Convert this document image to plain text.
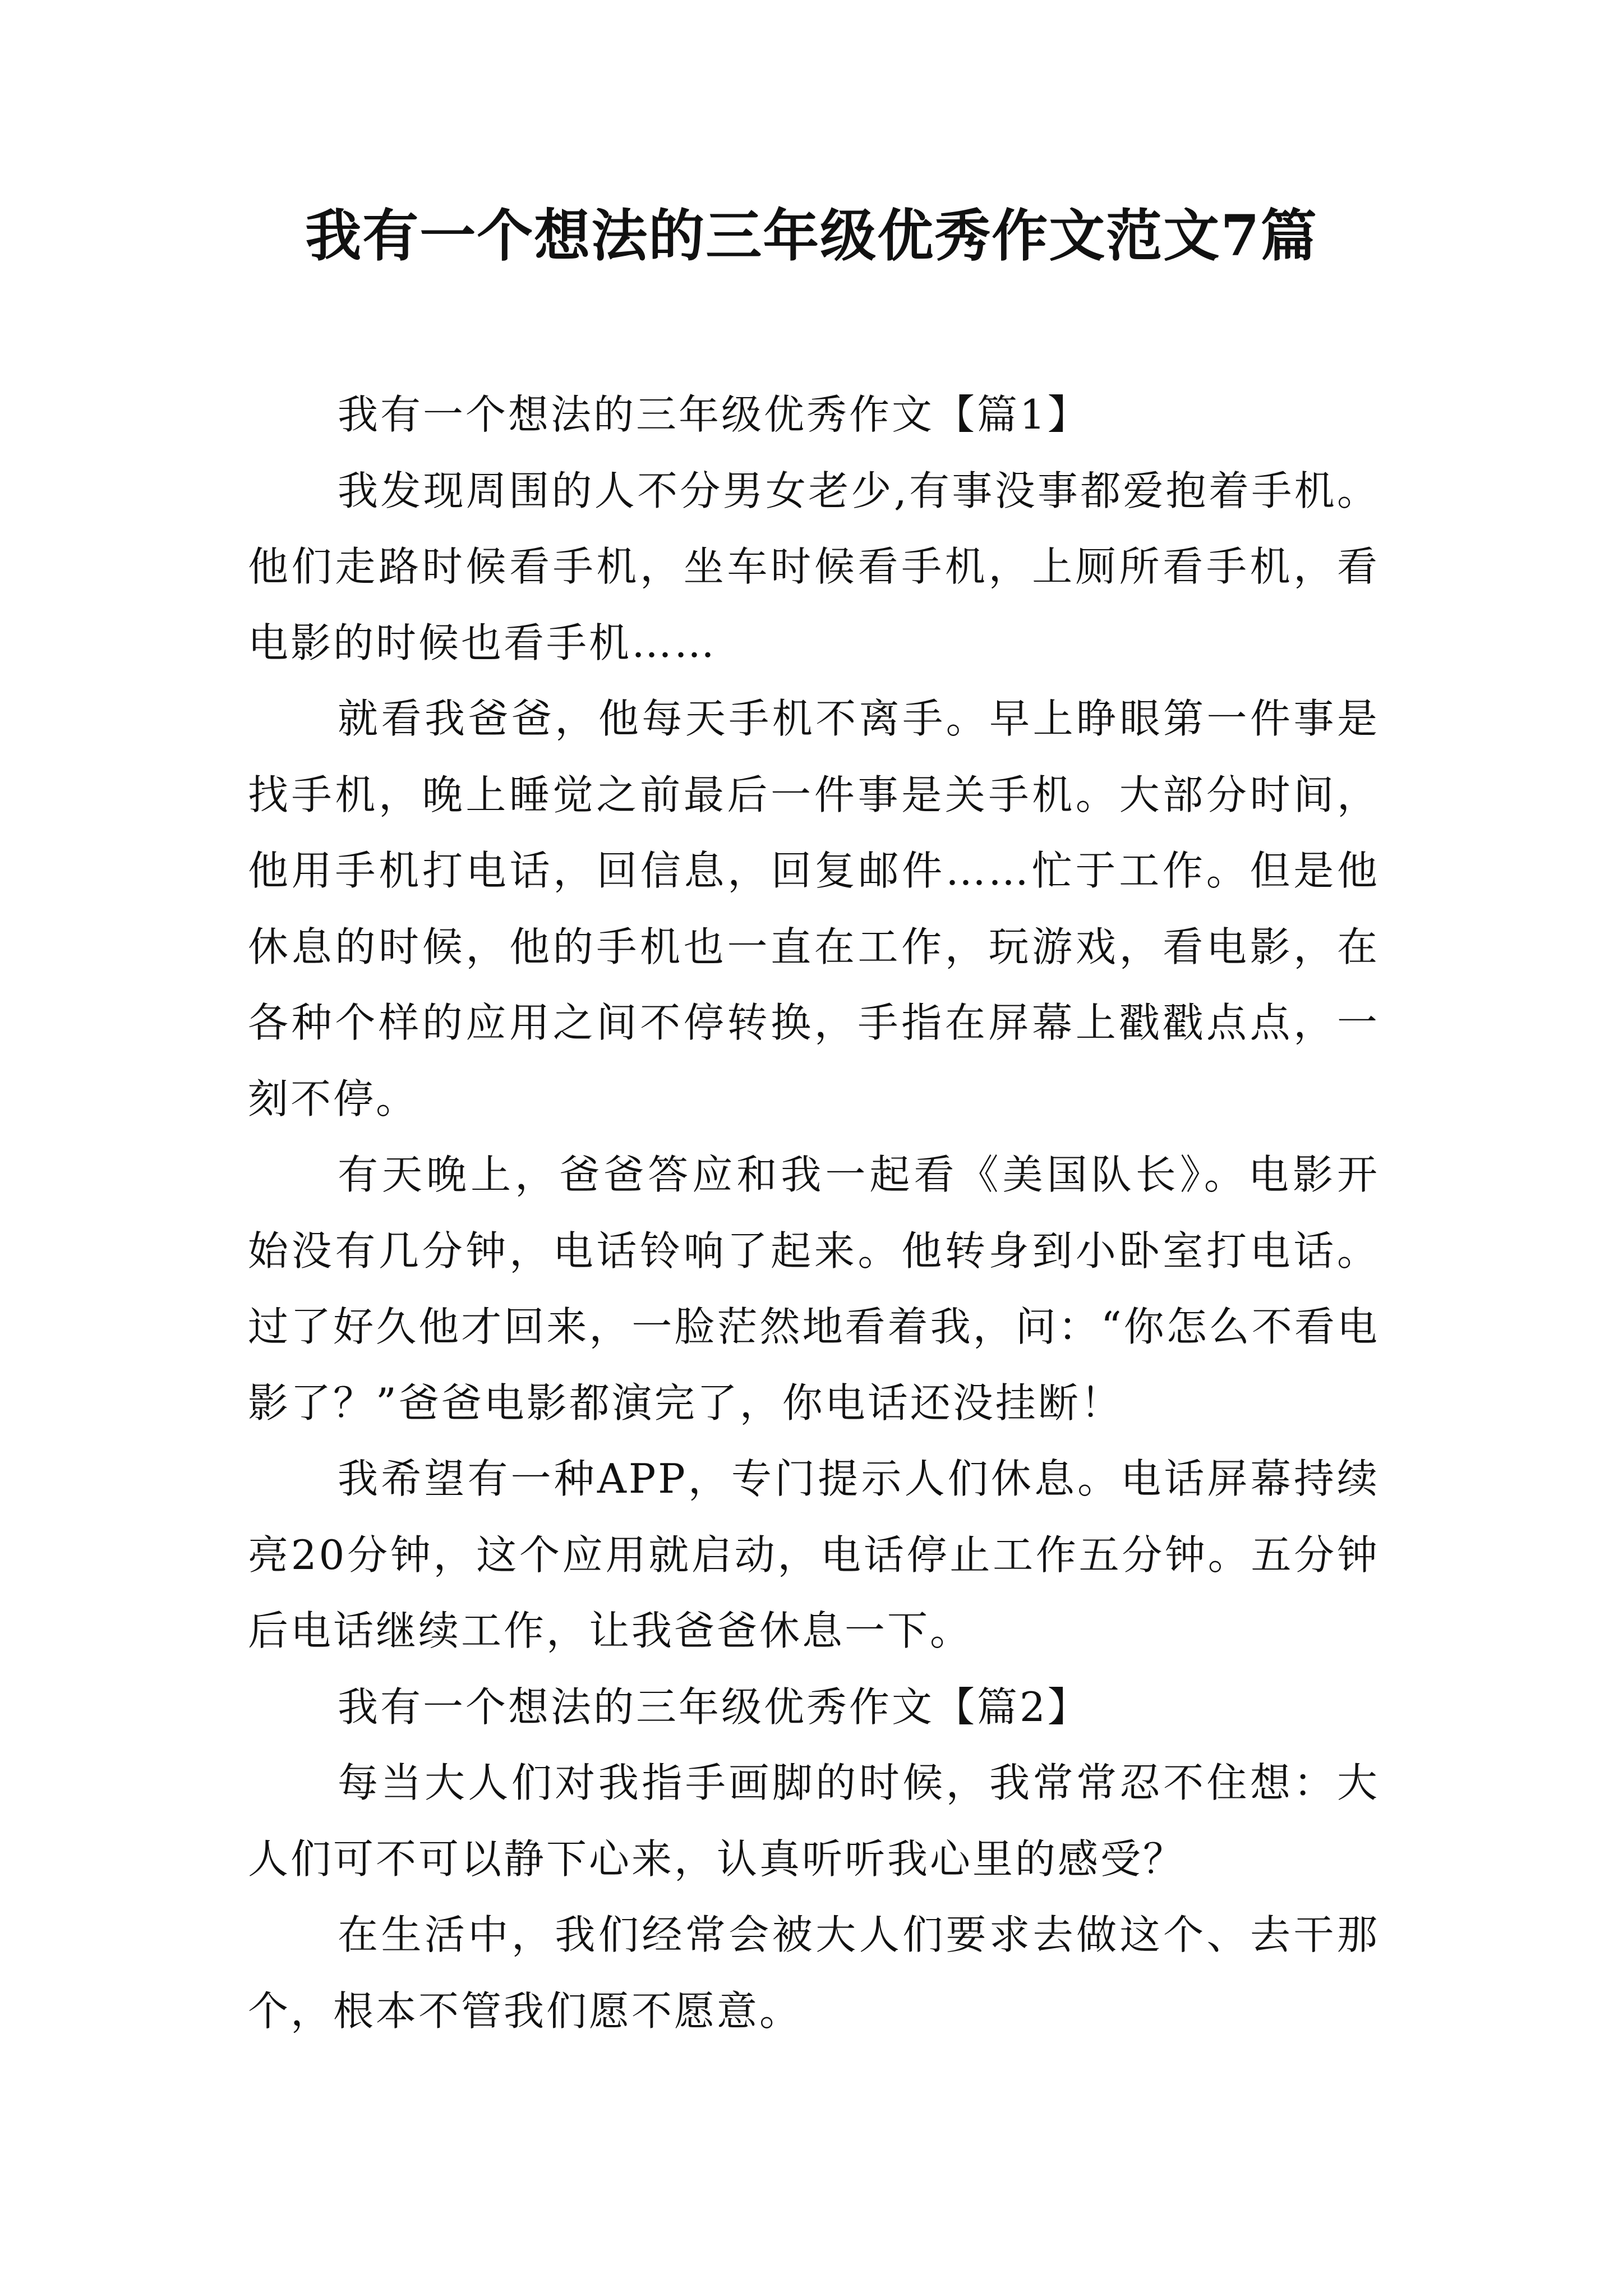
我有一个想法的三年级优秀作文范文7篇

我有一个想法的三年级优秀作文【篇1】

我发现周围的人不分男女老少,有事没事都爱抱着手机。他们走路时候看手机，坐车时候看手机，上厕所看手机，看电影的时候也看手机……

就看我爸爸，他每天手机不离手。早上睁眼第一件事是找手机，晚上睡觉之前最后一件事是关手机。大部分时间，他用手机打电话，回信息，回复邮件……忙于工作。但是他休息的时候，他的手机也一直在工作，玩游戏，看电影，在各种个样的应用之间不停转换，手指在屏幕上戳戳点点，一刻不停。

有天晚上，爸爸答应和我一起看《美国队长》。电影开始没有几分钟，电话铃响了起来。他转身到小卧室打电话。过了好久他才回来，一脸茫然地看着我，问：“你怎么不看电影了？”爸爸电影都演完了，你电话还没挂断！

我希望有一种APP，专门提示人们休息。电话屏幕持续亮20分钟，这个应用就启动，电话停止工作五分钟。五分钟后电话继续工作，让我爸爸休息一下。

我有一个想法的三年级优秀作文【篇2】

每当大人们对我指手画脚的时候，我常常忍不住想：大人们可不可以静下心来，认真听听我心里的感受？

在生活中，我们经常会被大人们要求去做这个、去干那个，根本不管我们愿不愿意。
